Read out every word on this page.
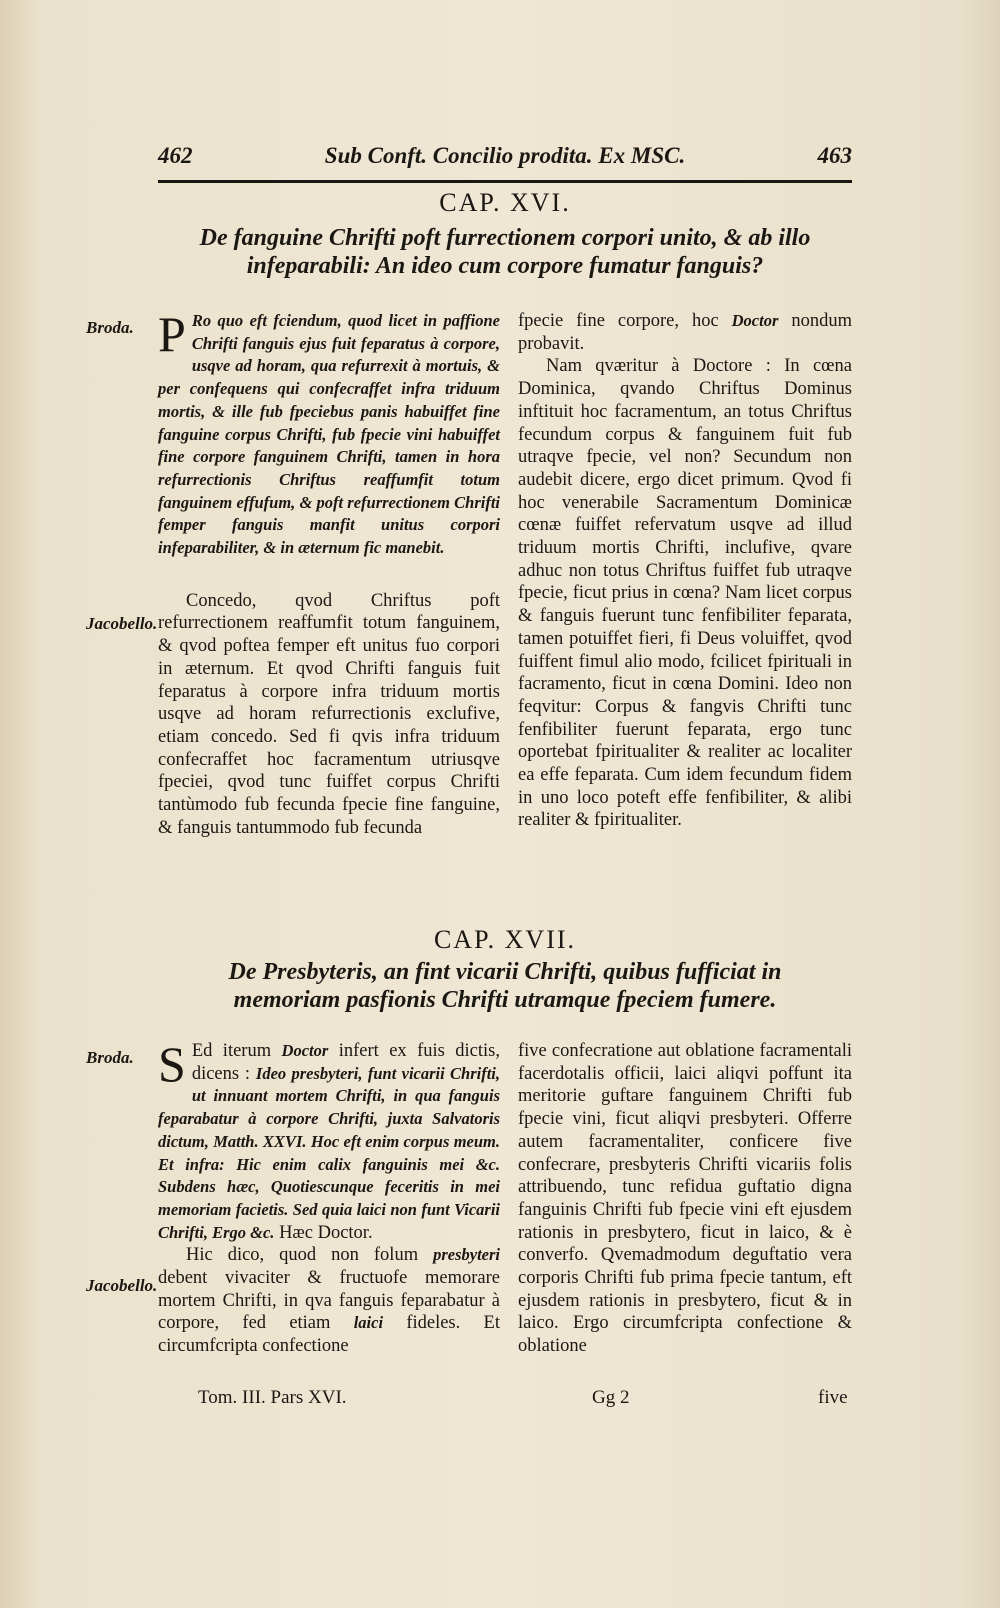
462	Sub Conft. Concilio prodita. Ex MSC.	463
CAP. XVI.
De fanguine Chrifti poft furrectionem corpori unito, & ab illo infeparabili: An ideo cum corpore fumatur fanguis?
Broda.
Jacobello.

P Ro quo eft fciendum, quod licet in paffione Chrifti fanguis ejus fuit feparatus à corpore, usqve ad horam, qua refurrexit à mortuis, & per confequens qui confecraffet infra triduum mortis, & ille fub fpeciebus panis habuiffet fine fanguine corpus Chrifti, fub fpecie vini habuiffet fine corpore fanguinem Chrifti, tamen in hora refurrectionis Chriftus reaffumfit totum fanguinem effufum, & poft refurrectionem Chrifti femper fanguis manfit unitus corpori infeparabiliter, & in æternum fic manebit.

Concedo, qvod Chriftus poft refurrectionem reaffumfit totum fanguinem, & qvod poftea femper eft unitus fuo corpori in æternum. Et qvod Chrifti fanguis fuit feparatus à corpore infra triduum mortis usqve ad horam refurrectionis exclufive, etiam concedo. Sed fi qvis infra triduum confecraffet hoc facramentum utriusqve fpeciei, qvod tunc fuiffet corpus Chrifti tantùmodo fub fecunda fpecie fine fanguine, & fanguis tantummodo fub fecunda

fpecie fine corpore, hoc Doctor nondum probavit.

Nam qværitur à Doctore : In cœna Dominica, qvando Chriftus Dominus inftituit hoc facramentum, an totus Chriftus fecundum corpus & fanguinem fuit fub utraqve fpecie, vel non? Secundum non audebit dicere, ergo dicet primum. Qvod fi hoc venerabile Sacramentum Dominicæ cœnæ fuiffet refervatum usqve ad illud triduum mortis Chrifti, inclufive, qvare adhuc non totus Chriftus fuiffet fub utraqve fpecie, ficut prius in cœna? Nam licet corpus & fanguis fuerunt tunc fenfibiliter feparata, tamen potuiffet fieri, fi Deus voluiffet, qvod fuiffent fimul alio modo, fcilicet fpirituali in facramento, ficut in cœna Domini. Ideo non feqvitur: Corpus & fangvis Chrifti tunc fenfibiliter fuerunt feparata, ergo tunc oportebat fpiritualiter & realiter ac localiter ea effe feparata. Cum idem fecundum fidem in uno loco poteft effe fenfibiliter, & alibi realiter & fpiritualiter.

CAP. XVII.
De Presbyteris, an fint vicarii Chrifti, quibus fufficiat in memoriam pasfionis Chrifti utramque fpeciem fumere.
Broda.
Jacobello.

S Ed iterum Doctor infert ex fuis dictis, dicens : Ideo presbyteri, funt vicarii Chrifti, ut innuant mortem Chrifti, in qua fanguis feparabatur à corpore Chrifti, juxta Salvatoris dictum, Matth. XXVI. Hoc eft enim corpus meum. Et infra: Hic enim calix fanguinis mei &c. Subdens hæc, Quotiescunque feceritis in mei memoriam facietis. Sed quia laici non funt Vicarii Chrifti, Ergo &c. Hæc Doctor.

Hic dico, quod non folum presbyteri debent vivaciter & fructuofe memorare mortem Chrifti, in qva fanguis feparabatur à corpore, fed etiam laici fideles. Et circumfcripta confectione

five confecratione aut oblatione facramentali facerdotalis officii, laici aliqvi poffunt ita meritorie guftare fanguinem Chrifti fub fpecie vini, ficut aliqvi presbyteri. Offerre autem facramentaliter, conficere five confecrare, presbyteris Chrifti vicariis folis attribuendo, tunc refidua guftatio digna fanguinis Chrifti fub fpecie vini eft ejusdem rationis in presbytero, ficut in laico, & è converfo. Qvemadmodum deguftatio vera corporis Chrifti fub prima fpecie tantum, eft ejusdem rationis in presbytero, ficut & in laico. Ergo circumfcripta confectione & oblatione

Tom. III. Pars XVI.	Gg 2	five
